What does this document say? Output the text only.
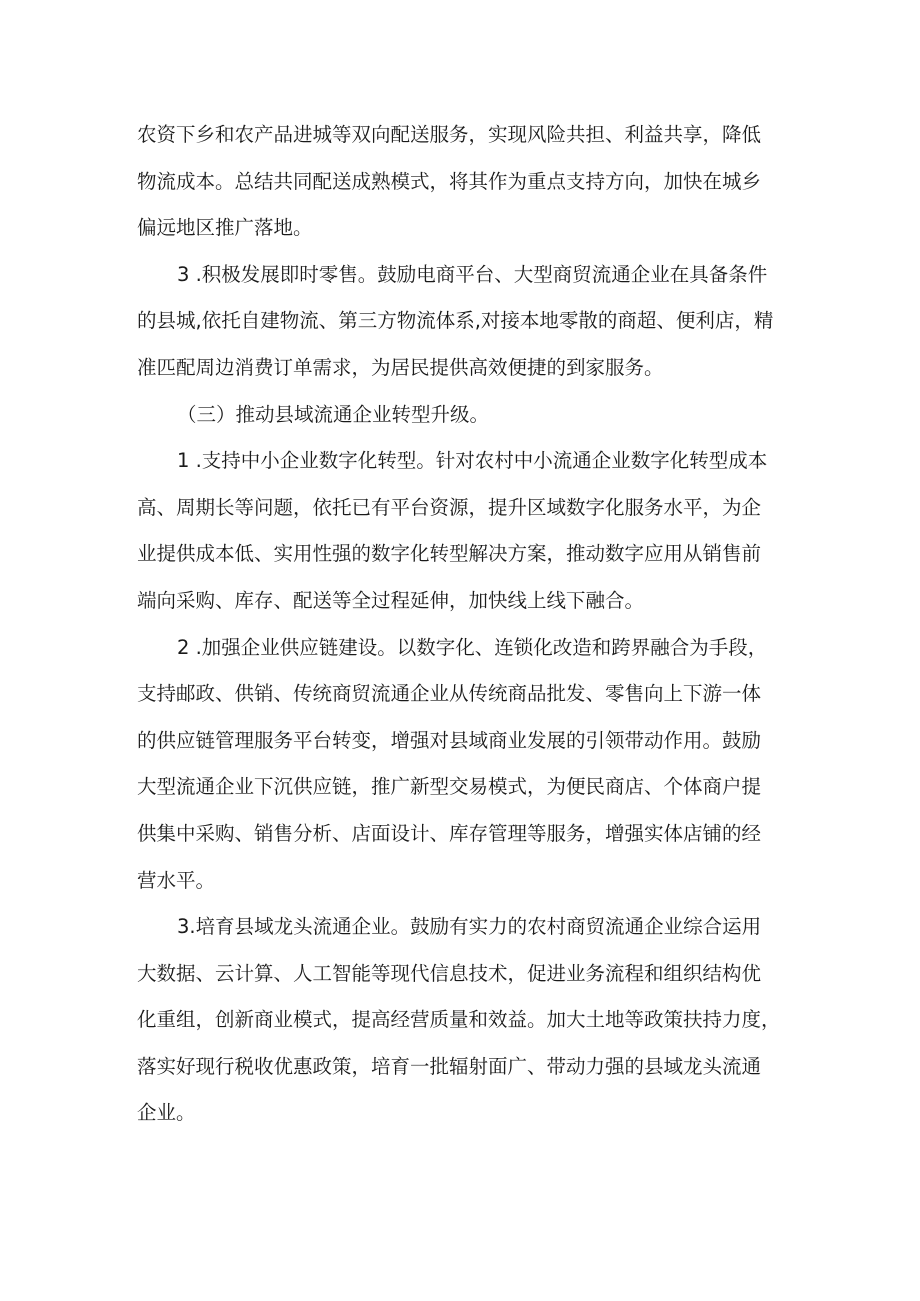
农资下乡和农产品进城等双向配送服务，实现风险共担、利益共享，降低
物流成本。总结共同配送成熟模式，将其作为重点支持方向，加快在城乡
偏远地区推广落地。

3 .积极发展即时零售。鼓励电商平台、大型商贸流通企业在具备条件
的县城,依托自建物流、第三方物流体系,对接本地零散的商超、便利店，精
准匹配周边消费订单需求，为居民提供高效便捷的到家服务。

（三）推动县域流通企业转型升级。

1 .支持中小企业数字化转型。针对农村中小流通企业数字化转型成本
高、周期长等问题，依托已有平台资源，提升区域数字化服务水平，为企
业提供成本低、实用性强的数字化转型解决方案，推动数字应用从销售前
端向采购、库存、配送等全过程延伸，加快线上线下融合。

2 .加强企业供应链建设。以数字化、连锁化改造和跨界融合为手段，
支持邮政、供销、传统商贸流通企业从传统商品批发、零售向上下游一体
的供应链管理服务平台转变，增强对县域商业发展的引领带动作用。鼓励
大型流通企业下沉供应链，推广新型交易模式，为便民商店、个体商户提
供集中采购、销售分析、店面设计、库存管理等服务，增强实体店铺的经
营水平。

3.培育县域龙头流通企业。鼓励有实力的农村商贸流通企业综合运用
大数据、云计算、人工智能等现代信息技术，促进业务流程和组织结构优
化重组，创新商业模式，提高经营质量和效益。加大土地等政策扶持力度，
落实好现行税收优惠政策，培育一批辐射面广、带动力强的县域龙头流通
企业。
